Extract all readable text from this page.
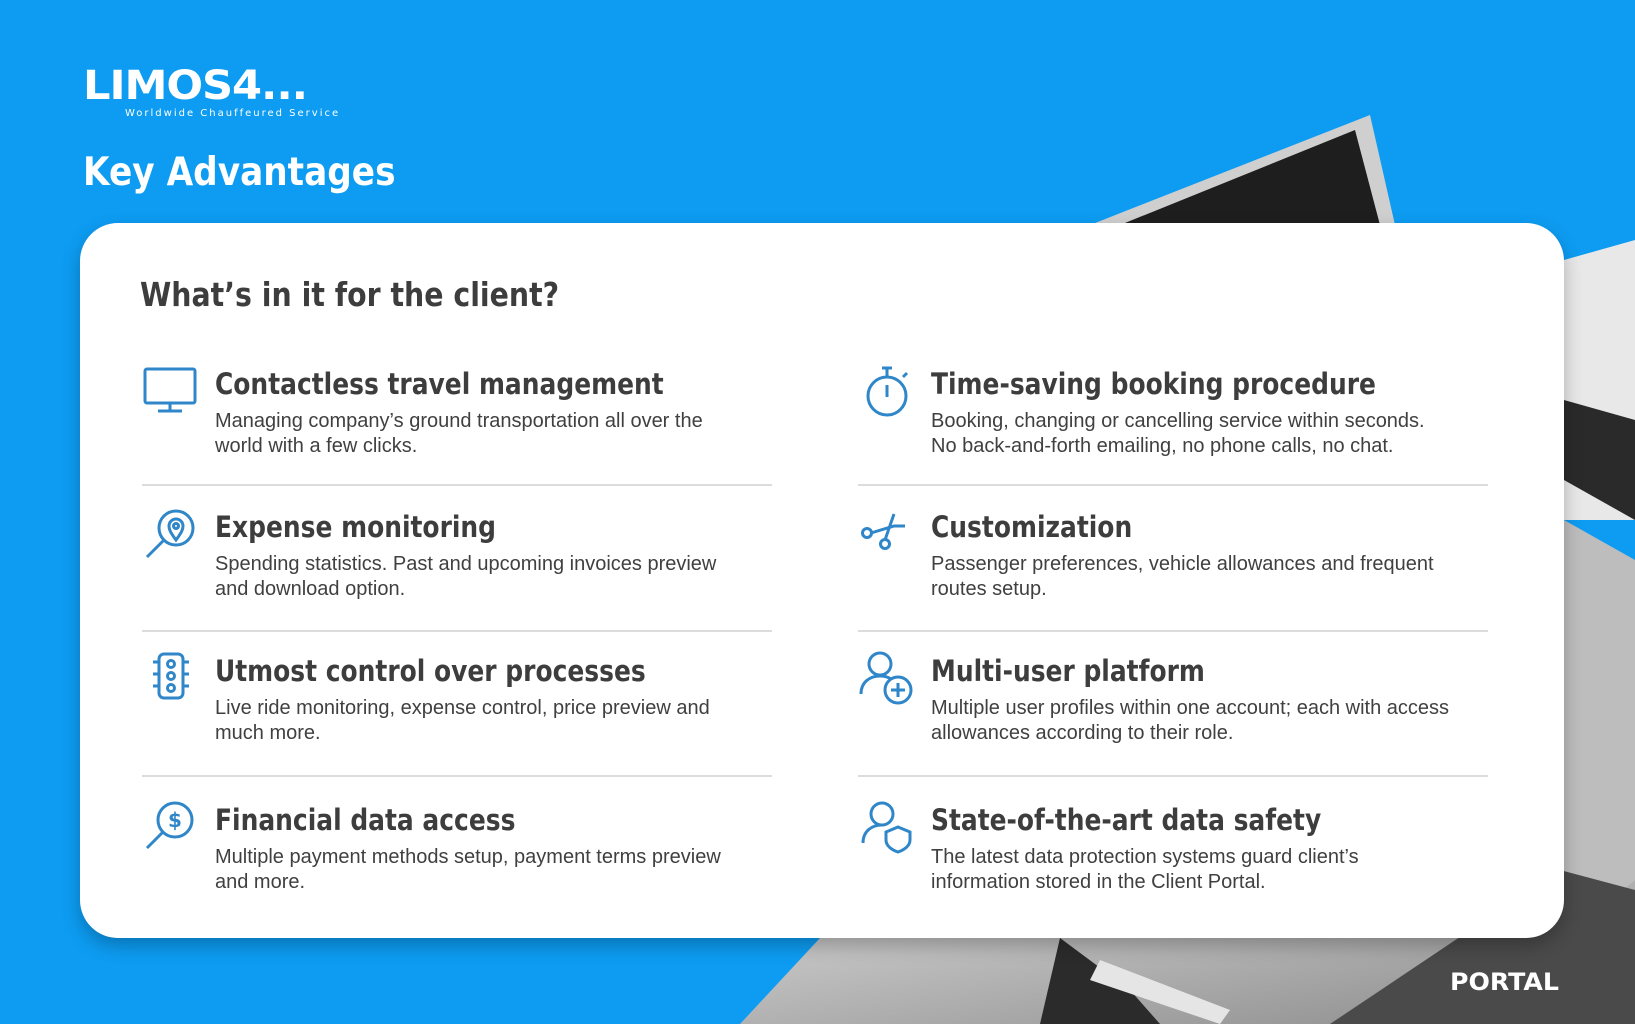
LIMOS4...
Worldwide Chauffeured Service
Key Advantages
What’s in it for the client?
Contactless travel management
Managing company’s ground transportation all over the world with a few clicks.
Time-saving booking procedure
Booking, changing or cancelling service within seconds. No back-and-forth emailing, no phone calls, no chat.
Expense monitoring
Spending statistics. Past and upcoming invoices preview and download option.
Customization
Passenger preferences, vehicle allowances and frequent routes setup.
Utmost control over processes
Live ride monitoring, expense control, price preview and much more.
Multi-user platform
Multiple user profiles within one account; each with access allowances according to their role.
$ Financial data access
Multiple payment methods setup, payment terms preview and more.
State-of-the-art data safety
The latest data protection systems guard client’s information stored in the Client Portal.
PORTAL
